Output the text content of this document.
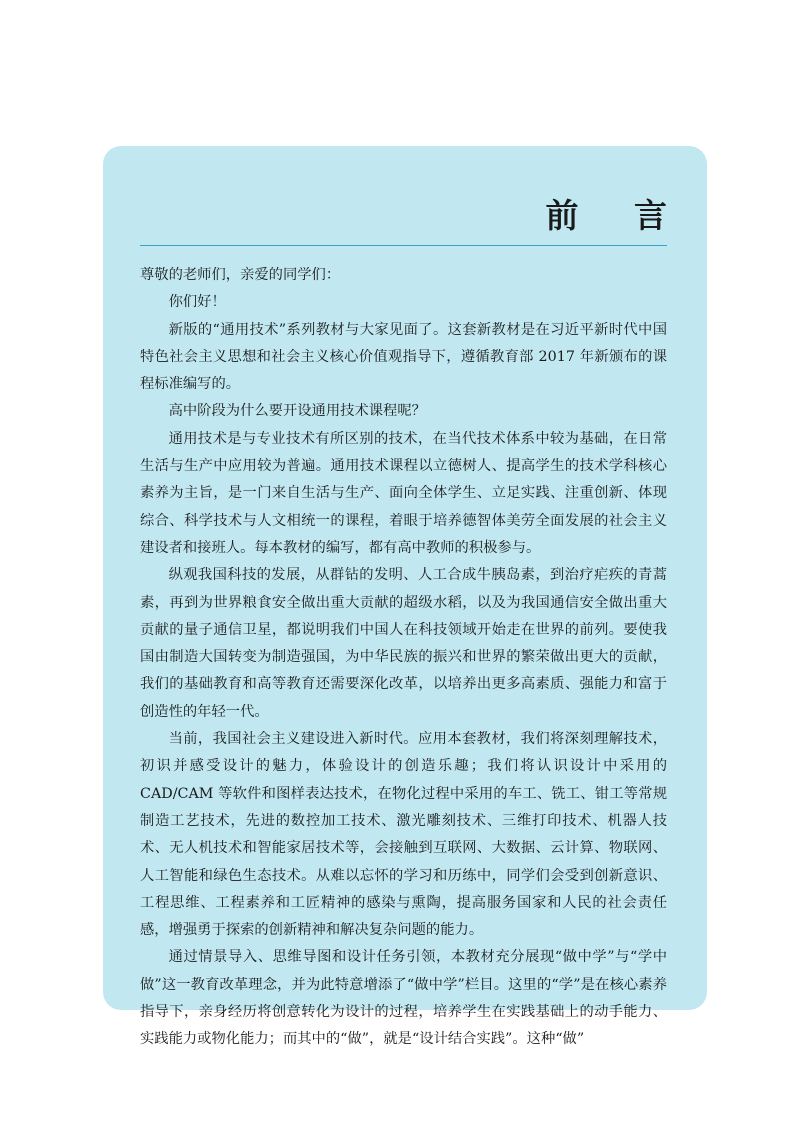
前 言

尊敬的老师们，亲爱的同学们：

你们好！

新版的“通用技术”系列教材与大家见面了。这套新教材是在习近平新时代中国特色社会主义思想和社会主义核心价值观指导下，遵循教育部 2017 年新颁布的课程标准编写的。

高中阶段为什么要开设通用技术课程呢？

通用技术是与专业技术有所区别的技术，在当代技术体系中较为基础，在日常生活与生产中应用较为普遍。通用技术课程以立德树人、提高学生的技术学科核心素养为主旨，是一门来自生活与生产、面向全体学生、立足实践、注重创新、体现综合、科学技术与人文相统一的课程，着眼于培养德智体美劳全面发展的社会主义建设者和接班人。每本教材的编写，都有高中教师的积极参与。

纵观我国科技的发展，从群钻的发明、人工合成牛胰岛素，到治疗疟疾的青蒿素，再到为世界粮食安全做出重大贡献的超级水稻，以及为我国通信安全做出重大贡献的量子通信卫星，都说明我们中国人在科技领域开始走在世界的前列。要使我国由制造大国转变为制造强国，为中华民族的振兴和世界的繁荣做出更大的贡献，我们的基础教育和高等教育还需要深化改革，以培养出更多高素质、强能力和富于创造性的年轻一代。

当前，我国社会主义建设进入新时代。应用本套教材，我们将深刻理解技术，初识并感受设计的魅力，体验设计的创造乐趣；我们将认识设计中采用的 CAD/CAM 等软件和图样表达技术，在物化过程中采用的车工、铣工、钳工等常规制造工艺技术，先进的数控加工技术、激光雕刻技术、三维打印技术、机器人技术、无人机技术和智能家居技术等，会接触到互联网、大数据、云计算、物联网、人工智能和绿色生态技术。从难以忘怀的学习和历练中，同学们会受到创新意识、工程思维、工程素养和工匠精神的感染与熏陶，提高服务国家和人民的社会责任感，增强勇于探索的创新精神和解决复杂问题的能力。

通过情景导入、思维导图和设计任务引领，本教材充分展现“做中学”与“学中做”这一教育改革理念，并为此特意增添了“做中学”栏目。这里的“学”是在核心素养指导下，亲身经历将创意转化为设计的过程，培养学生在实践基础上的动手能力、实践能力或物化能力；而其中的“做”，就是“设计结合实践”。这种“做”
